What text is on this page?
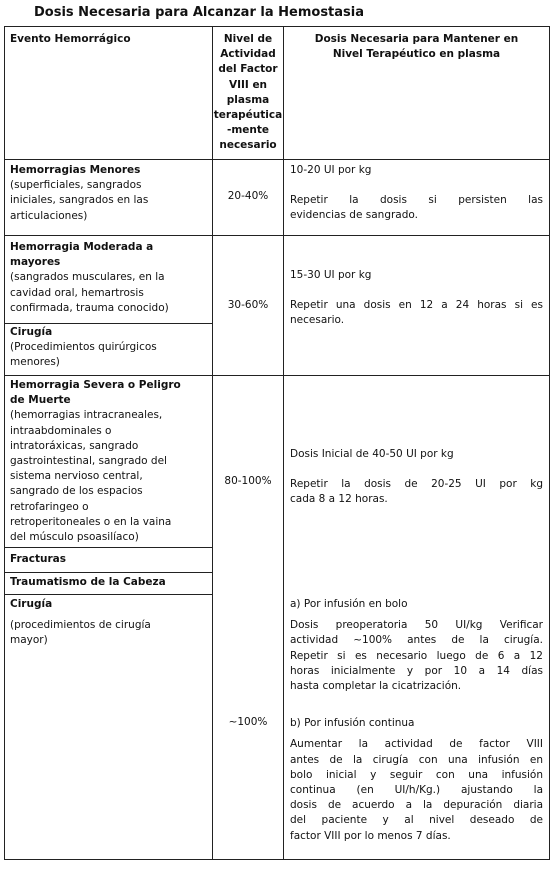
Dosis Necesaria para Alcanzar la Hemostasia
Evento Hemorrágico	Nivel de
Actividad
del Factor
VIII en
plasma
terapéutica
-mente
necesario
Dosis Necesaria para Mantener en
Nivel Terapéutico en plasma
Hemorragias Menores
(superficiales, sangrados
iniciales, sangrados en las
articulaciones)
20-40%
10-20 UI por kg
Repetir la dosis si persisten las
evidencias de sangrado.
Hemorragia Moderada a
mayores
(sangrados musculares, en la
cavidad oral, hemartrosis
confirmada, trauma conocido)	30-60%
15-30 UI por kg
Repetir una dosis en 12 a 24 horas si es
necesario.
Cirugía
(Procedimientos quirúrgicos
menores)
Hemorragia Severa o Peligro
de Muerte
(hemorragias intracraneales,
intraabdominales o
intratoráxicas, sangrado
gastrointestinal, sangrado del
sistema nervioso central,
sangrado de los espacios
retrofaringeo o
retroperitoneales o en la vaina
del músculo psoasilíaco)
80-100%
Dosis Inicial de 40-50 UI por kg
Repetir la dosis de 20-25 UI por kg
cada 8 a 12 horas.
Fracturas
Traumatismo de la Cabeza
Cirugía
(procedimientos de cirugía
mayor)
~100%
a) Por infusión en bolo
Dosis preoperatoria 50 UI/kg Verificar
actividad ~100% antes de la cirugía.
Repetir si es necesario luego de 6 a 12
horas inicialmente y por 10 a 14 días
hasta completar la cicatrización.
b) Por infusión continua
Aumentar la actividad de factor VIII
antes de la cirugía con una infusión en
bolo inicial y seguir con una infusión
continua (en UI/h/Kg.) ajustando la
dosis de acuerdo a la depuración diaria
del paciente y al nivel deseado de
factor VIII por lo menos 7 días.
